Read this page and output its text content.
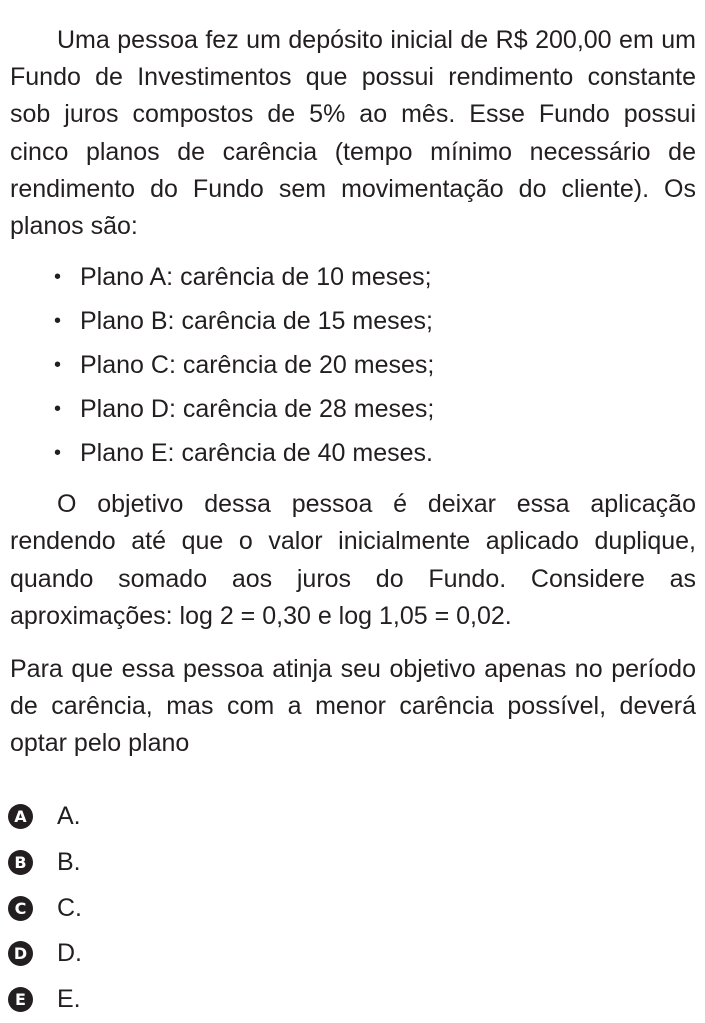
Uma pessoa fez um depósito inicial de R$ 200,00 em um Fundo de Investimentos que possui rendimento constante sob juros compostos de 5% ao mês. Esse Fundo possui cinco planos de carência (tempo mínimo necessário de rendimento do Fundo sem movimentação do cliente). Os planos são:

• Plano A: carência de 10 meses;
• Plano B: carência de 15 meses;
• Plano C: carência de 20 meses;
• Plano D: carência de 28 meses;
• Plano E: carência de 40 meses.

O objetivo dessa pessoa é deixar essa aplicação rendendo até que o valor inicialmente aplicado duplique, quando somado aos juros do Fundo. Considere as aproximações: log 2 = 0,30 e log 1,05 = 0,02.

Para que essa pessoa atinja seu objetivo apenas no período de carência, mas com a menor carência possível, deverá optar pelo plano

A A.
B B.
C C.
D D.
E E.
